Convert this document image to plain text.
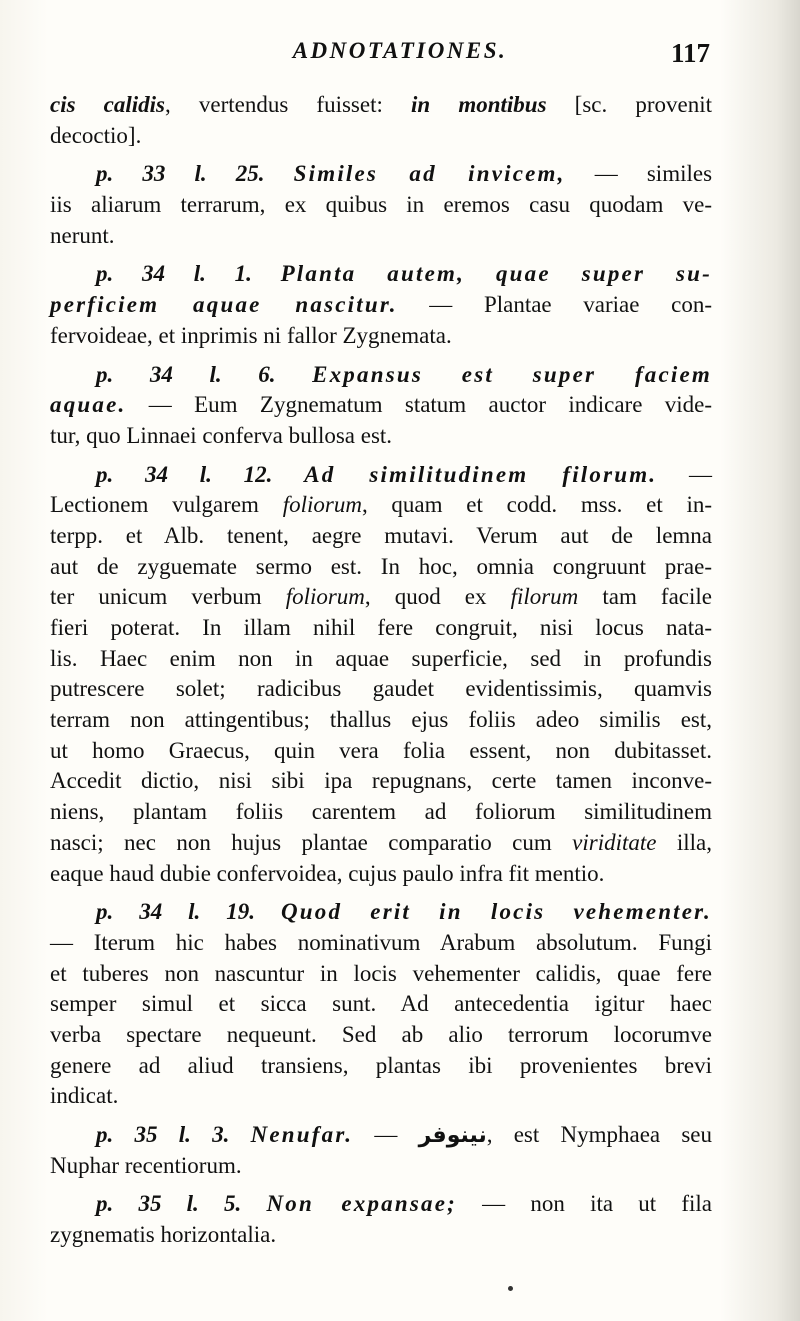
ADNOTATIONES.	117
cis calidis, vertendus fuisset: in montibus [sc. provenit
decoctio].
p. 33 l. 25. Similes ad invicem, — similes
iis aliarum terrarum, ex quibus in eremos casu quodam ve-
nerunt.
p. 34 l. 1. Planta autem, quae super su-
perficiem aquae nascitur. — Plantae variae con-
fervoideae, et inprimis ni fallor Zygnemata.
p. 34 l. 6. Expansus est super faciem
aquae. — Eum Zygnematum statum auctor indicare vide-
tur, quo Linnaei conferva bullosa est.
p. 34 l. 12. Ad similitudinem filorum. —
Lectionem vulgarem foliorum, quam et codd. mss. et in-
terpp. et Alb. tenent, aegre mutavi. Verum aut de lemna
aut de zyguemate sermo est. In hoc, omnia congruunt prae-
ter unicum verbum foliorum, quod ex filorum tam facile
fieri poterat. In illam nihil fere congruit, nisi locus nata-
lis. Haec enim non in aquae superficie, sed in profundis
putrescere solet; radicibus gaudet evidentissimis, quamvis
terram non attingentibus; thallus ejus foliis adeo similis est,
ut homo Graecus, quin vera folia essent, non dubitasset.
Accedit dictio, nisi sibi ipa repugnans, certe tamen inconve-
niens, plantam foliis carentem ad foliorum similitudinem
nasci; nec non hujus plantae comparatio cum viriditate illa,
eaque haud dubie confervoidea, cujus paulo infra fit mentio.
p. 34 l. 19. Quod erit in locis vehementer.
— Iterum hic habes nominativum Arabum absolutum. Fungi
et tuberes non nascuntur in locis vehementer calidis, quae fere
semper simul et sicca sunt. Ad antecedentia igitur haec
verba spectare nequeunt. Sed ab alio terrorum locorumve
genere ad aliud transiens, plantas ibi provenientes brevi
indicat.
p. 35 l. 3. Nenufar. — نينوفر, est Nymphaea seu
Nuphar recentiorum.
p. 35 l. 5. Non expansae; — non ita ut fila
zygnematis horizontalia.
